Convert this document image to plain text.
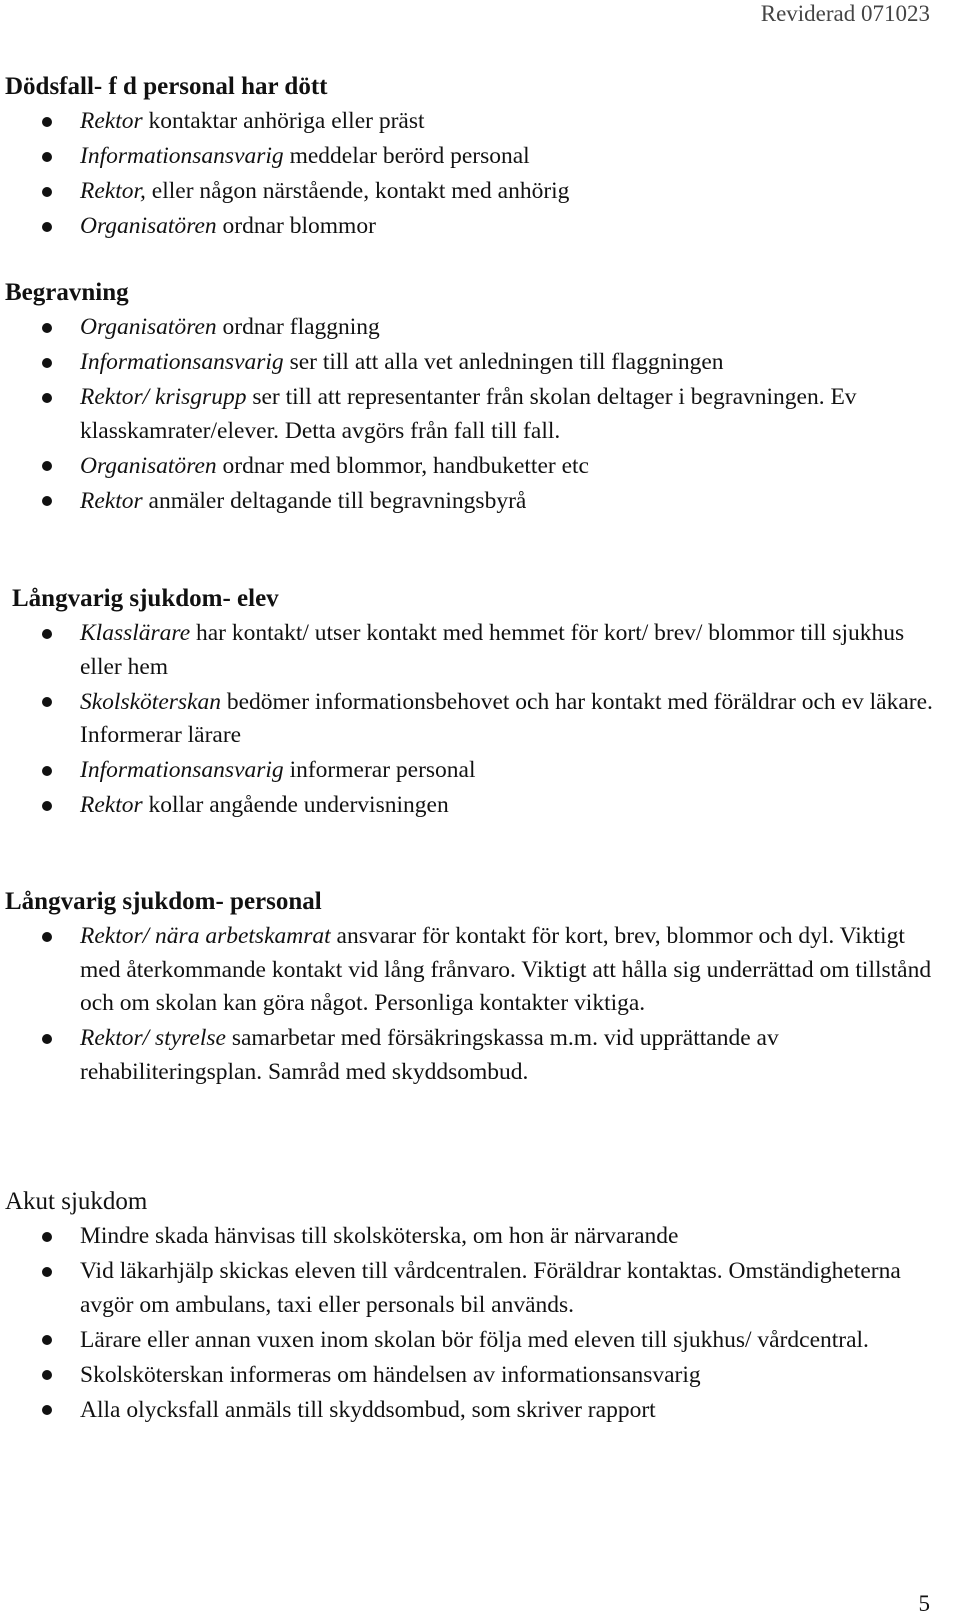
Reviderad 071023
Dödsfall- f d personal har dött
Rektor kontaktar anhöriga eller präst
Informationsansvarig meddelar berörd personal
Rektor, eller någon närstående, kontakt med anhörig
Organisatören ordnar blommor
Begravning
Organisatören ordnar flaggning
Informationsansvarig ser till att alla vet anledningen till flaggningen
Rektor/ krisgrupp ser till att representanter från skolan deltager i begravningen. Ev klasskamrater/elever. Detta avgörs från fall till fall.
Organisatören ordnar med blommor, handbuketter etc
Rektor anmäler deltagande till begravningsbyrå
Långvarig sjukdom- elev
Klasslärare har kontakt/ utser kontakt med hemmet för kort/ brev/ blommor till sjukhus eller hem
Skolsköterskan bedömer informationsbehovet och har kontakt med föräldrar och ev läkare. Informerar lärare
Informationsansvarig informerar personal
Rektor kollar angående undervisningen
Långvarig sjukdom- personal
Rektor/ nära arbetskamrat ansvarar för kontakt för kort, brev, blommor och dyl. Viktigt med återkommande kontakt vid lång frånvaro. Viktigt att hålla sig underrättad om tillstånd och om skolan kan göra något. Personliga kontakter viktiga.
Rektor/ styrelse samarbetar med försäkringskassa m.m. vid upprättande av rehabiliteringsplan. Samråd med skyddsombud.
Akut sjukdom
Mindre skada hänvisas till skolsköterska, om hon är närvarande
Vid läkarhjälp skickas eleven till vårdcentralen. Föräldrar kontaktas. Omständigheterna avgör om ambulans, taxi eller personals bil används.
Lärare eller annan vuxen inom skolan bör följa med eleven till sjukhus/ vårdcentral.
Skolsköterskan informeras om händelsen av informationsansvarig
Alla olycksfall anmäls till skyddsombud, som skriver rapport
5
